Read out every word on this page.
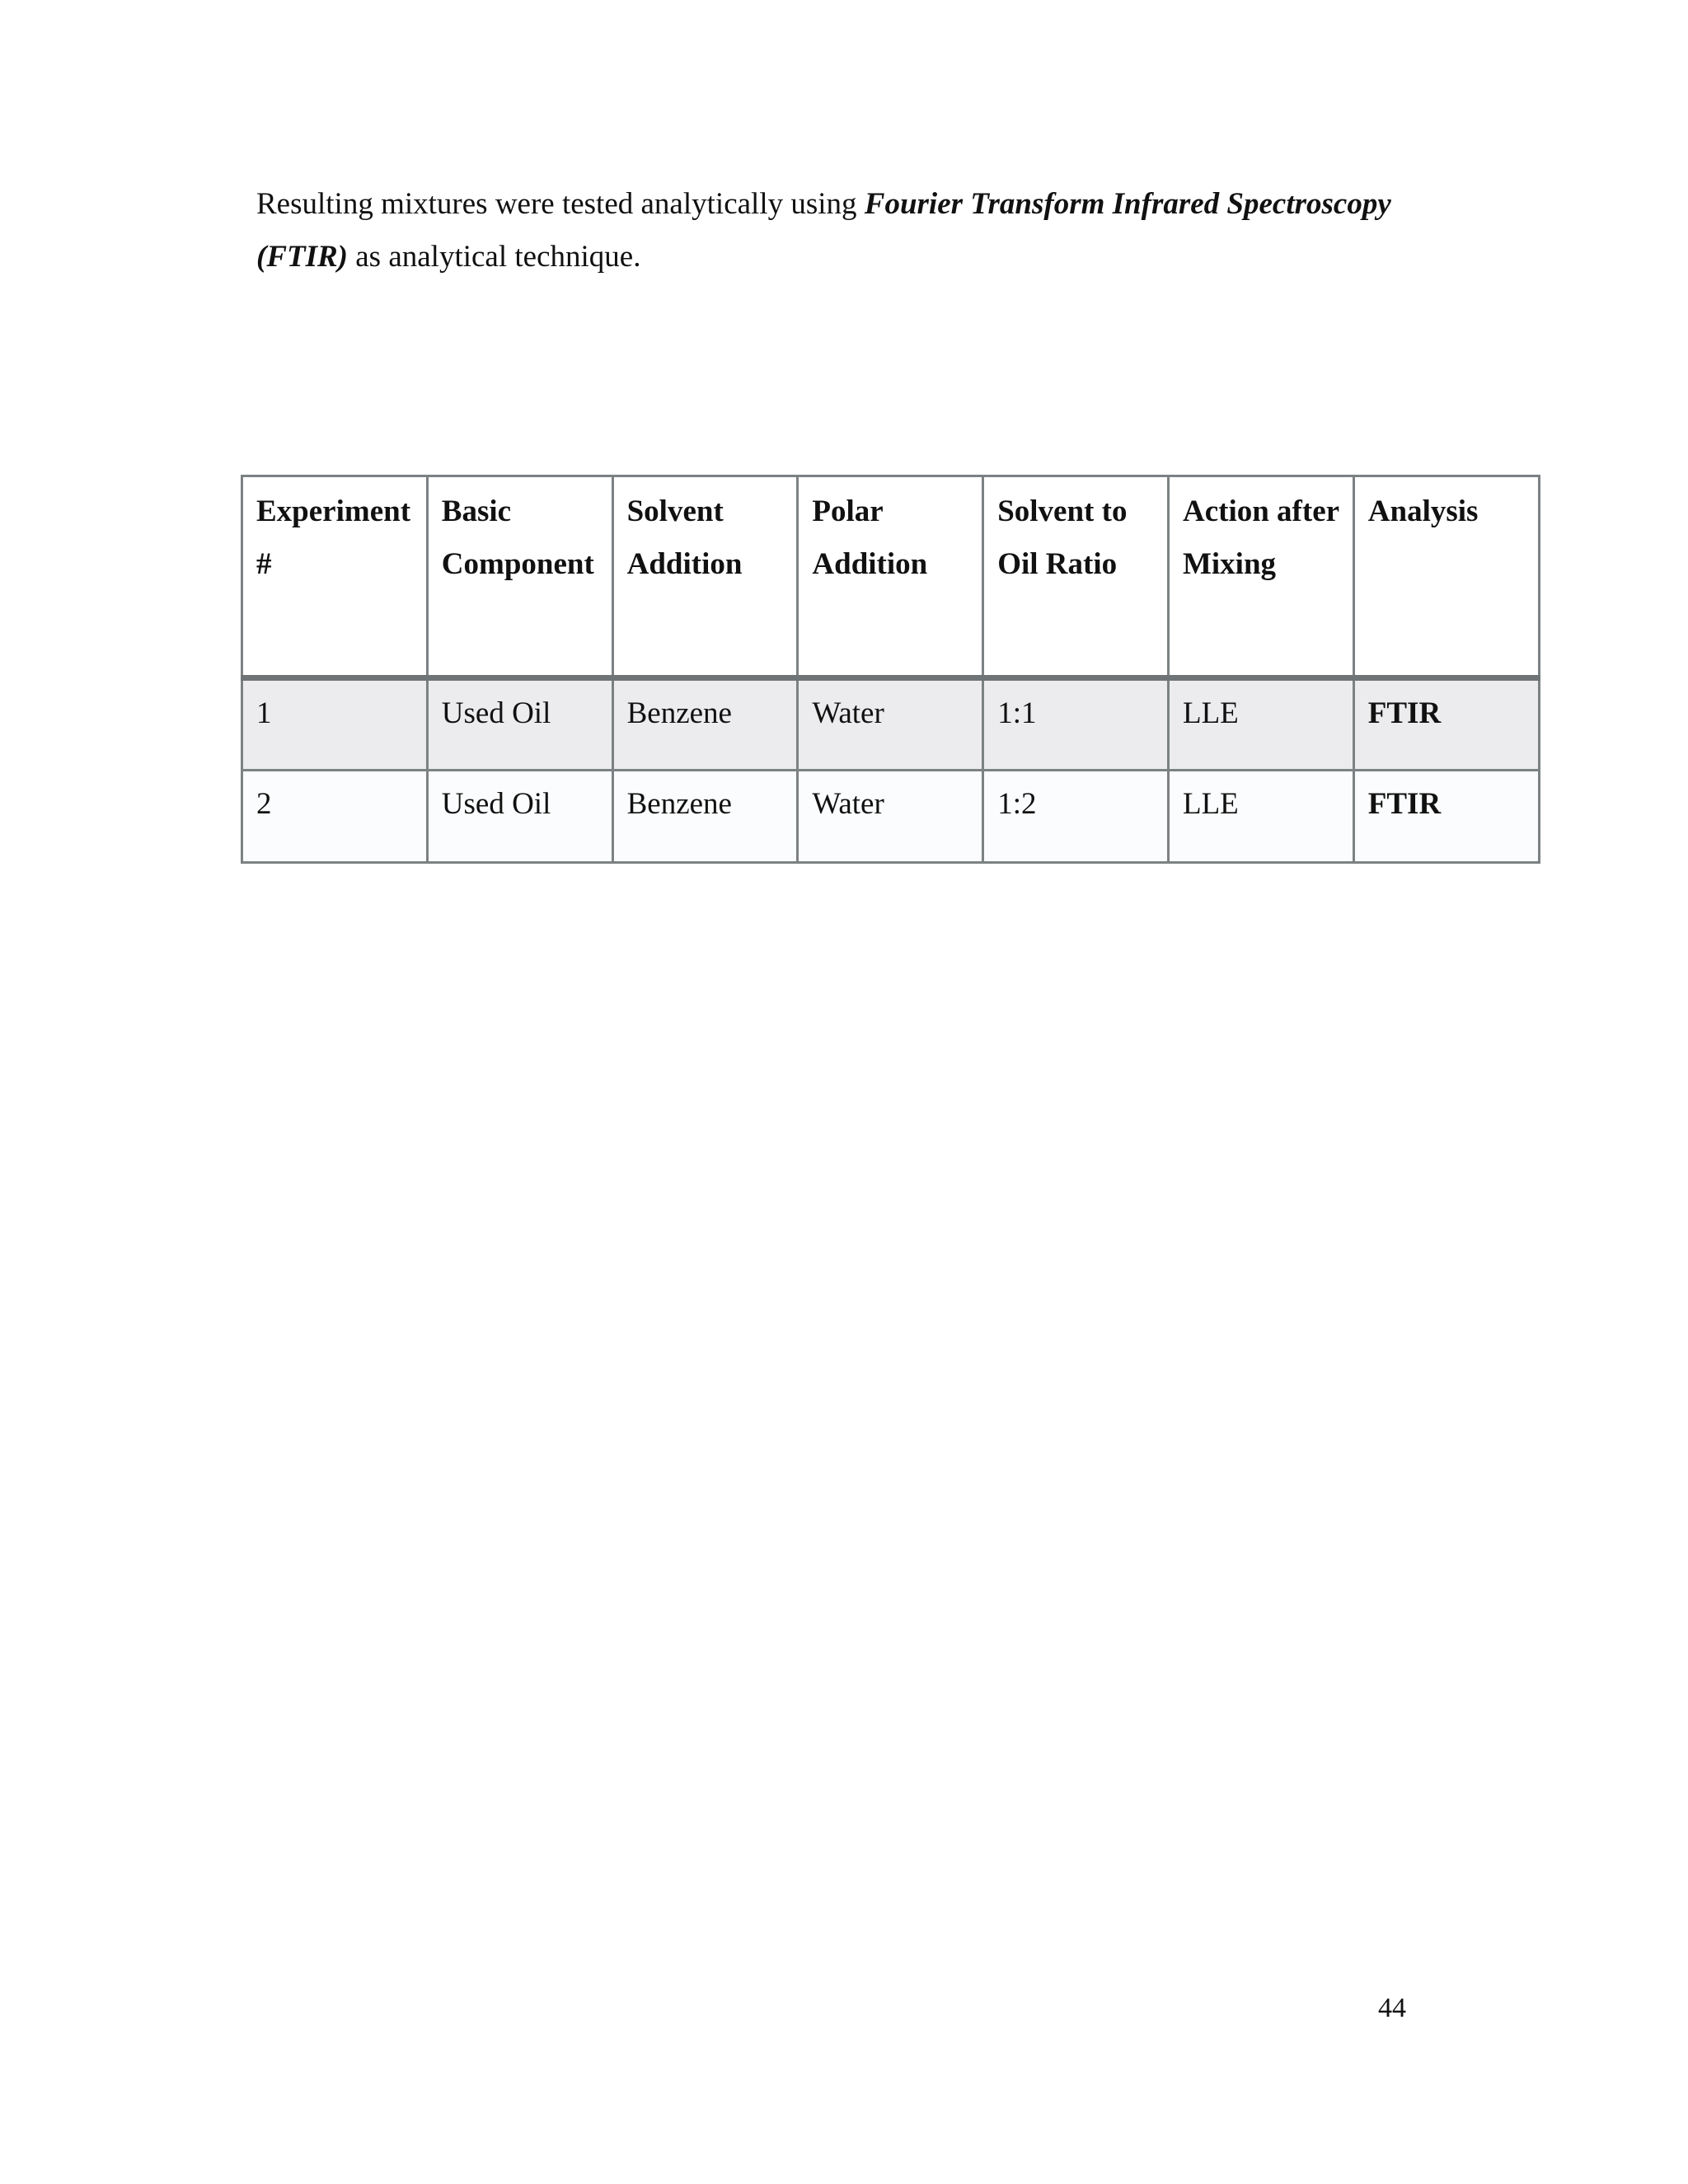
Resulting mixtures were tested analytically using Fourier Transform Infrared Spectroscopy (FTIR) as analytical technique.

Experiment #	Basic Component	Solvent Addition	Polar Addition	Solvent to Oil Ratio	Action after Mixing	Analysis
1	Used Oil	Benzene	Water	1:1	LLE	FTIR
2	Used Oil	Benzene	Water	1:2	LLE	FTIR

44
